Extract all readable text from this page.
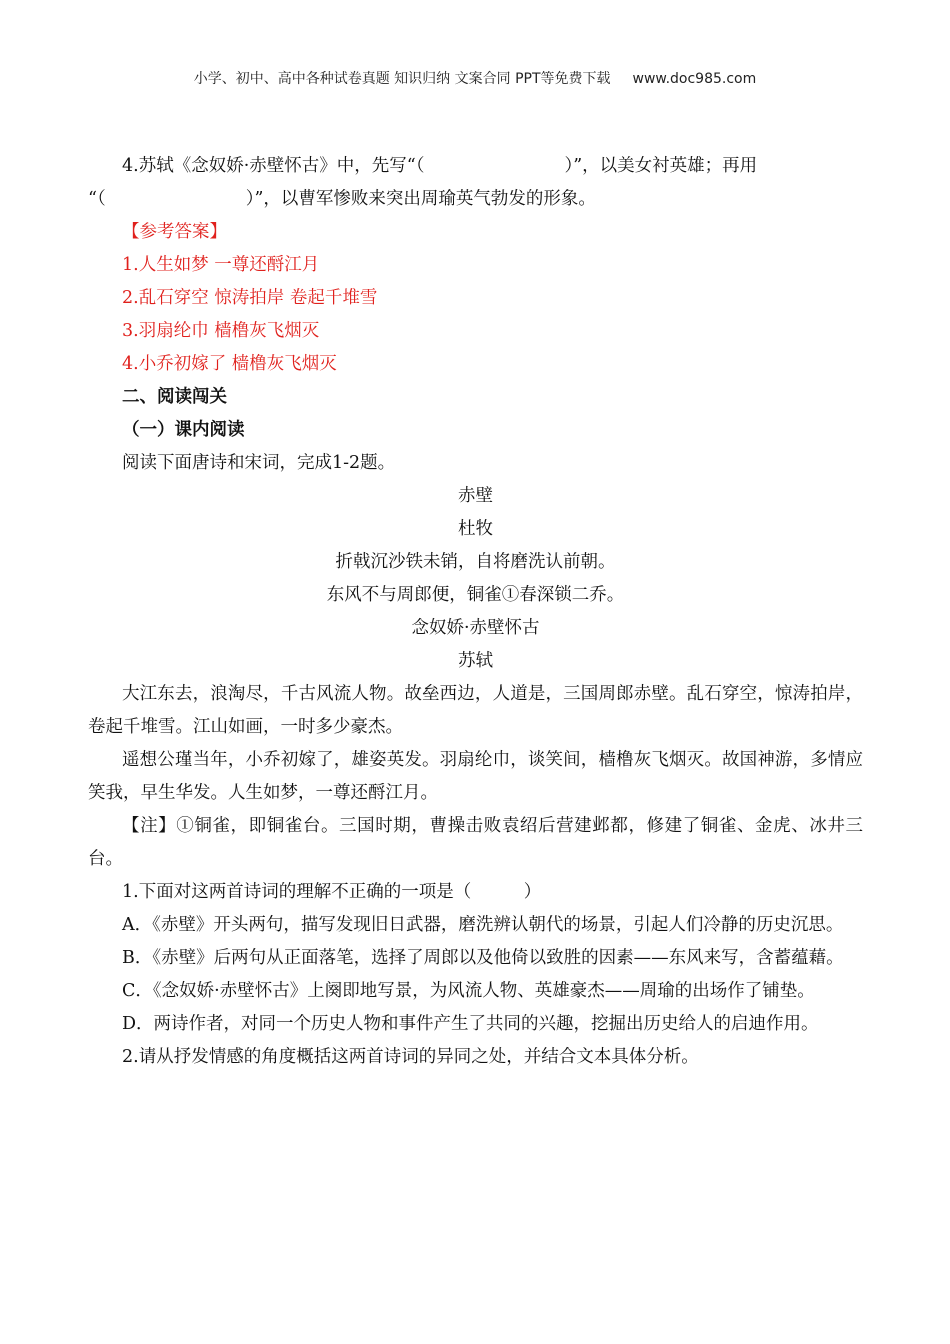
小学、初中、高中各种试卷真题 知识归纳 文案合同 PPT等免费下载 www.doc985.com
4.苏轼《念奴娇·赤壁怀古》中，先写“（　　　　　　　　）”，以美女衬英雄；再用
“（　　　　　　　　）”，以曹军惨败来突出周瑜英气勃发的形象。
【参考答案】
1.人生如梦 一尊还酹江月
2.乱石穿空 惊涛拍岸 卷起千堆雪
3.羽扇纶巾 樯橹灰飞烟灭
4.小乔初嫁了 樯橹灰飞烟灭
二、阅读闯关
（一）课内阅读
阅读下面唐诗和宋词，完成1-2题。
赤壁
杜牧
折戟沉沙铁未销，自将磨洗认前朝。
东风不与周郎便，铜雀①春深锁二乔。
念奴娇·赤壁怀古
苏轼
大江东去，浪淘尽，千古风流人物。故垒西边，人道是，三国周郎赤壁。乱石穿空，惊涛拍岸，卷起千堆雪。江山如画，一时多少豪杰。
遥想公瑾当年，小乔初嫁了，雄姿英发。羽扇纶巾，谈笑间，樯橹灰飞烟灭。故国神游，多情应笑我，早生华发。人生如梦，一尊还酹江月。
【注】①铜雀，即铜雀台。三国时期，曹操击败袁绍后营建邺都，修建了铜雀、金虎、冰井三台。
1.下面对这两首诗词的理解不正确的一项是（　　　）
A．《赤壁》开头两句，描写发现旧日武器，磨洗辨认朝代的场景，引起人们冷静的历史沉思。
B．《赤壁》后两句从正面落笔，选择了周郎以及他倚以致胜的因素——东风来写，含蓄蕴藉。
C．《念奴娇·赤壁怀古》上阕即地写景，为风流人物、英雄豪杰——周瑜的出场作了铺垫。
D．两诗作者，对同一个历史人物和事件产生了共同的兴趣，挖掘出历史给人的启迪作用。
2.请从抒发情感的角度概括这两首诗词的异同之处，并结合文本具体分析。
